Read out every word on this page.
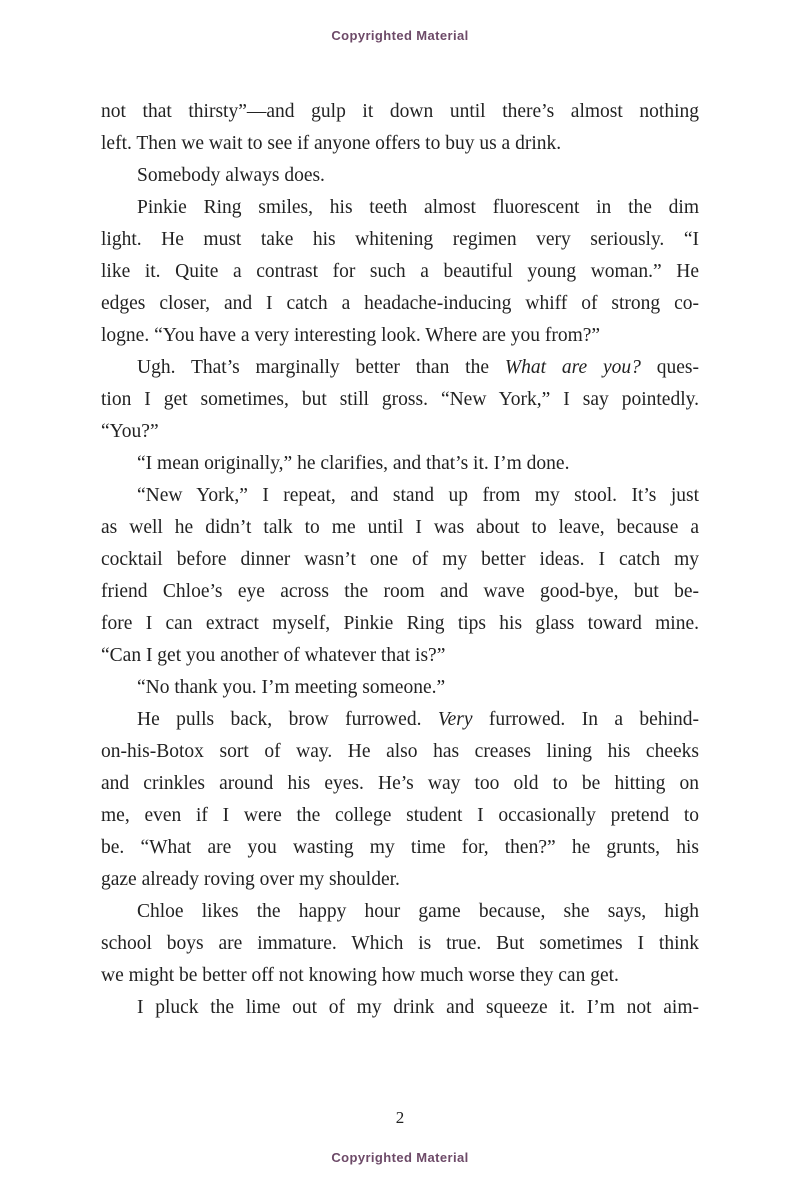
Copyrighted Material
not that thirsty”—and gulp it down until there’s almost nothing
left. Then we wait to see if anyone offers to buy us a drink.
Somebody always does.
Pinkie Ring smiles, his teeth almost fluorescent in the dim
light. He must take his whitening regimen very seriously. “I
like it. Quite a contrast for such a beautiful young woman.” He
edges closer, and I catch a headache-inducing whiff of strong co-
logne. “You have a very interesting look. Where are you from?”
Ugh. That’s marginally better than the What are you? ques-
tion I get sometimes, but still gross. “New York,” I say pointedly.
“You?”
“I mean originally,” he clarifies, and that’s it. I’m done.
“New York,” I repeat, and stand up from my stool. It’s just
as well he didn’t talk to me until I was about to leave, because a
cocktail before dinner wasn’t one of my better ideas. I catch my
friend Chloe’s eye across the room and wave good-bye, but be-
fore I can extract myself, Pinkie Ring tips his glass toward mine.
“Can I get you another of whatever that is?”
“No thank you. I’m meeting someone.”
He pulls back, brow furrowed. Very furrowed. In a behind-
on-his-Botox sort of way. He also has creases lining his cheeks
and crinkles around his eyes. He’s way too old to be hitting on
me, even if I were the college student I occasionally pretend to
be. “What are you wasting my time for, then?” he grunts, his
gaze already roving over my shoulder.
Chloe likes the happy hour game because, she says, high
school boys are immature. Which is true. But sometimes I think
we might be better off not knowing how much worse they can get.
I pluck the lime out of my drink and squeeze it. I’m not aim-
2
Copyrighted Material
